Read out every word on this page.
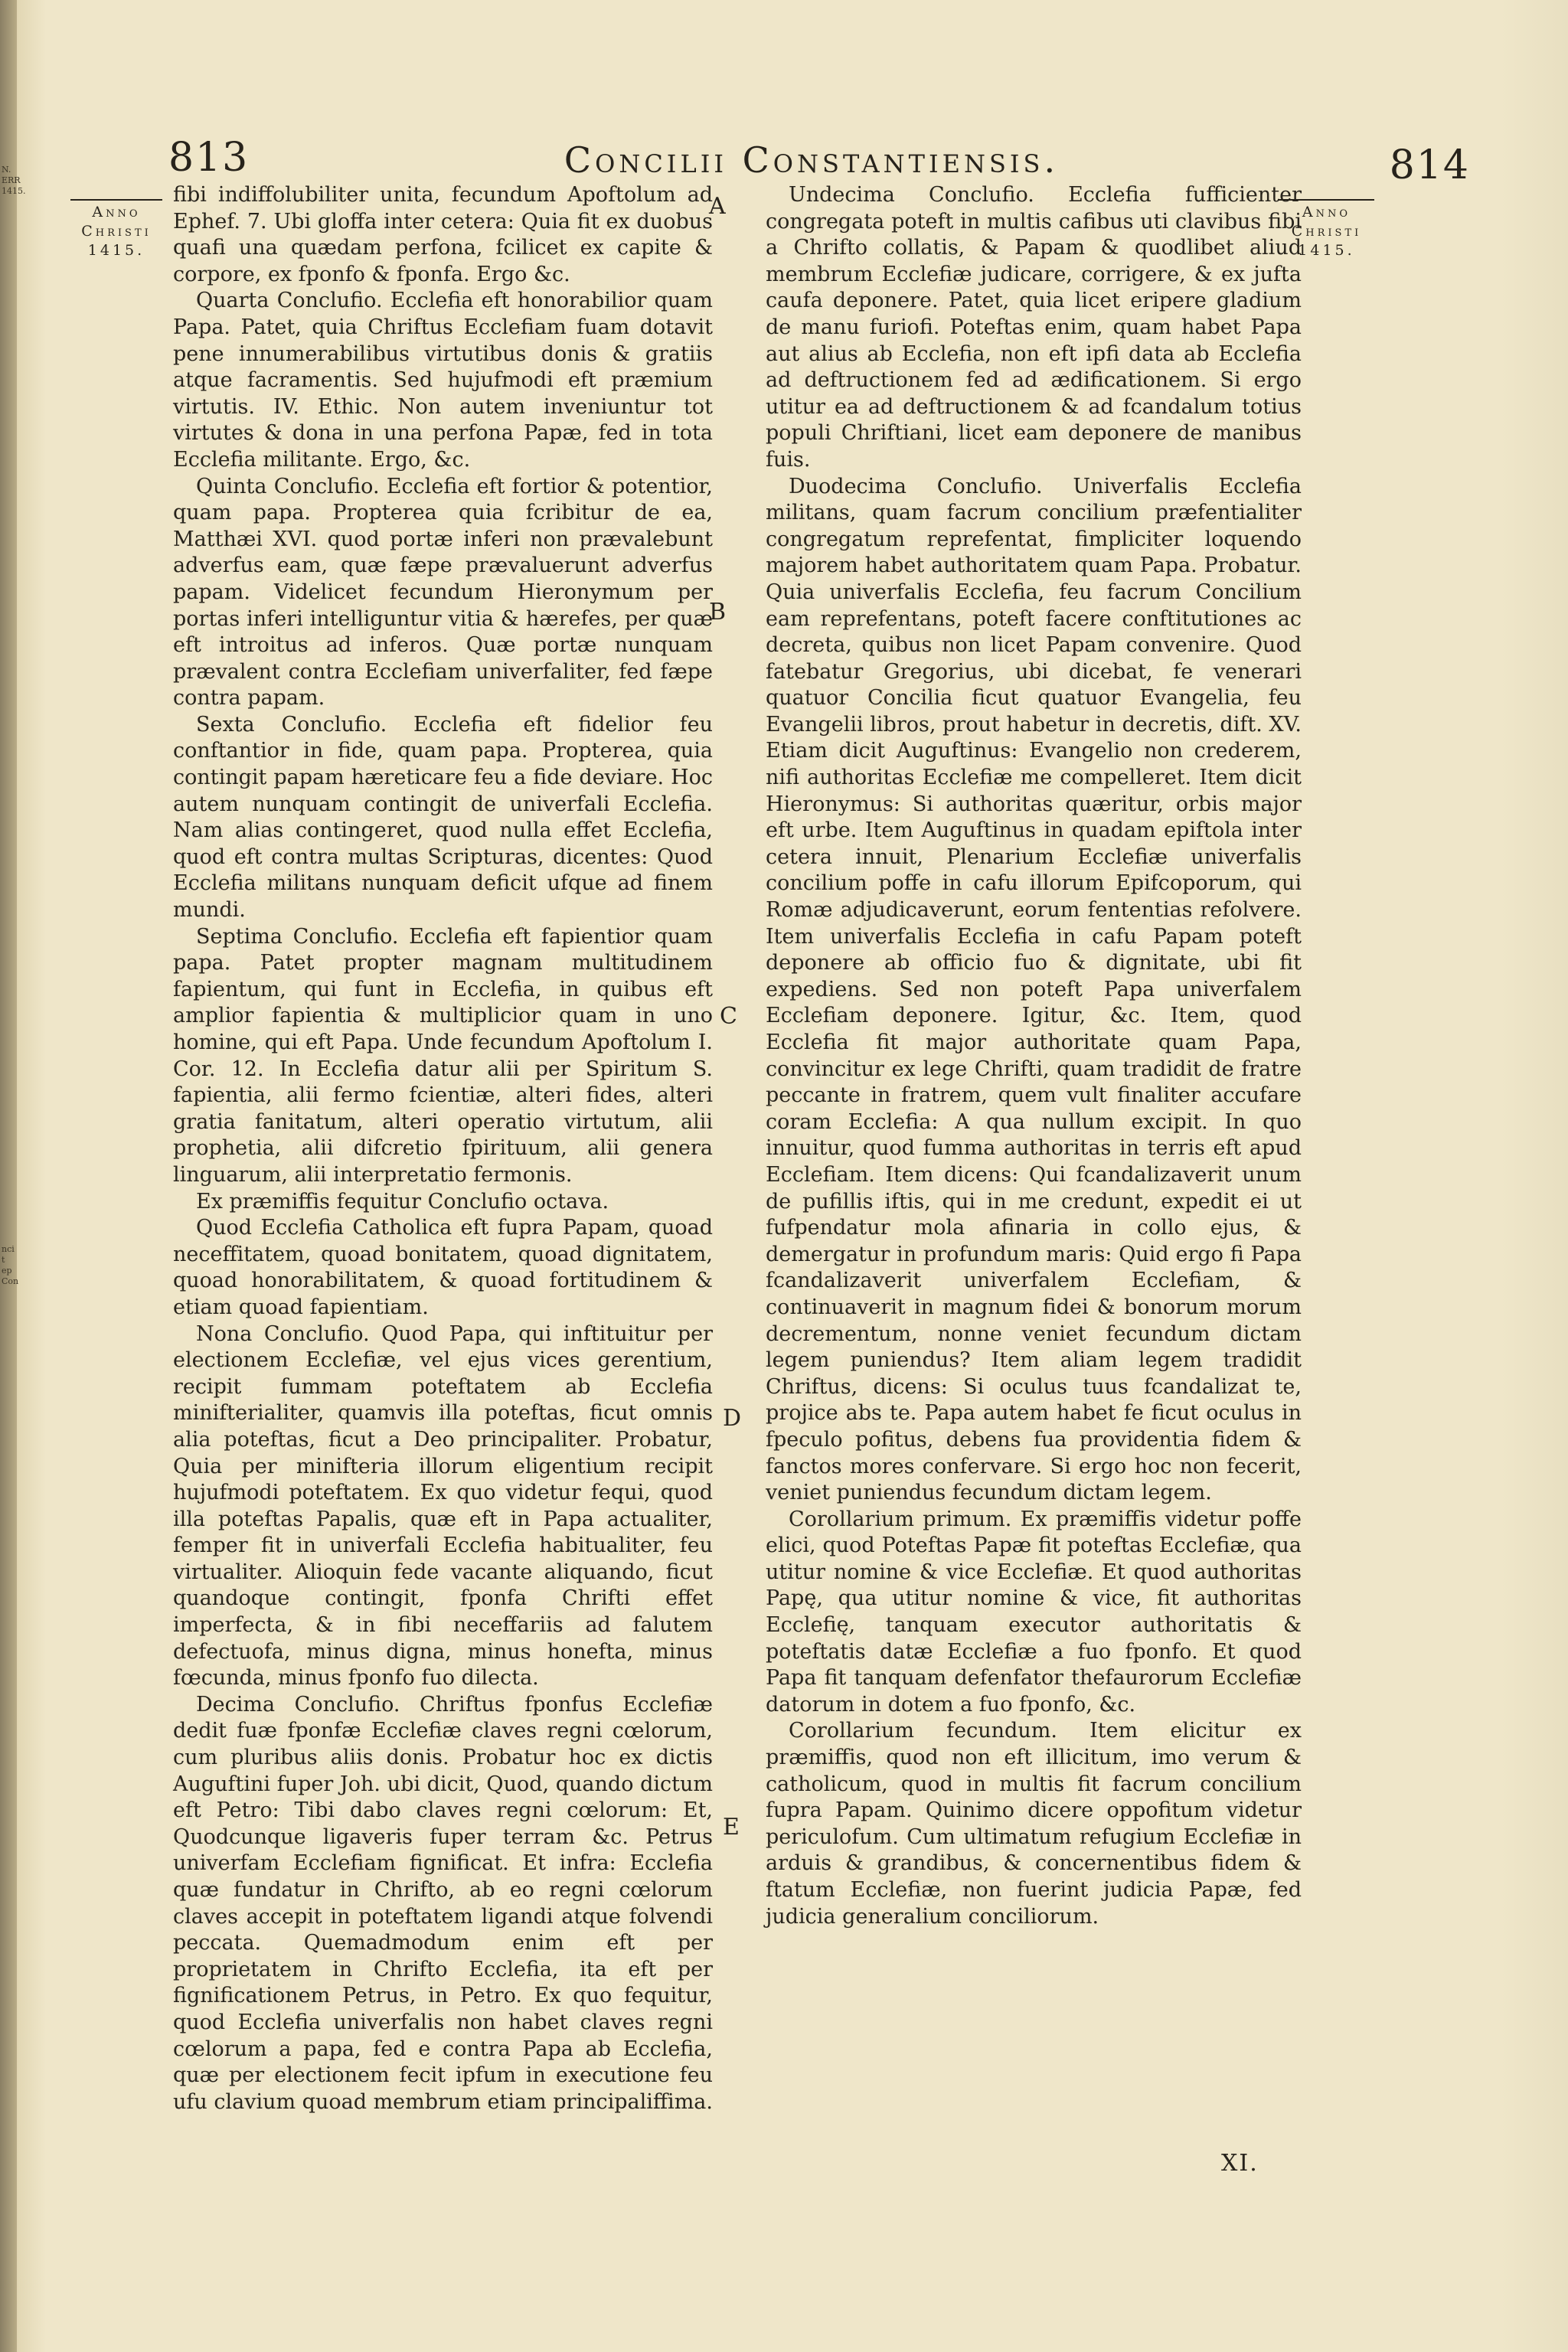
N.
ERR
1415.
nci
t ep
Con
813	Concilii Constantiensis.	814
Anno
Christi
1415.
Anno
Christi
1415.
A
B
C
D
E

fibi indiffolubiliter unita, fecundum Apoftolum ad Ephef. 7. Ubi gloffa inter cetera: Quia fit ex duobus quafi una quædam perfona, fcilicet ex capite & corpore, ex fponfo & fponfa. Ergo &c.

Quarta Conclufio. Ecclefia eft honorabilior quam Papa. Patet, quia Chriftus Ecclefiam fuam dotavit pene innumerabilibus virtutibus donis & gratiis atque facramentis. Sed hujufmodi eft præmium virtutis. IV. Ethic. Non autem inveniuntur tot virtutes & dona in una perfona Papæ, fed in tota Ecclefia militante. Ergo, &c.

Quinta Conclufio. Ecclefia eft fortior & potentior, quam papa. Propterea quia fcribitur de ea, Matthæi XVI. quod portæ inferi non prævalebunt adverfus eam, quæ fæpe prævaluerunt adverfus papam. Videlicet fecundum Hieronymum per portas inferi intelliguntur vitia & hærefes, per quæ eft introitus ad inferos. Quæ portæ nunquam prævalent contra Ecclefiam univerfaliter, fed fæpe contra papam.

Sexta Conclufio. Ecclefia eft fidelior feu conftantior in fide, quam papa. Propterea, quia contingit papam hæreticare feu a fide deviare. Hoc autem nunquam contingit de univerfali Ecclefia. Nam alias contingeret, quod nulla effet Ecclefia, quod eft contra multas Scripturas, dicentes: Quod Ecclefia militans nunquam deficit ufque ad finem mundi.

Septima Conclufio. Ecclefia eft fapientior quam papa. Patet propter magnam multitudinem fapientum, qui funt in Ecclefia, in quibus eft amplior fapientia & multiplicior quam in uno homine, qui eft Papa. Unde fecundum Apoftolum I. Cor. 12. In Ecclefia datur alii per Spiritum S. fapientia, alii fermo fcientiæ, alteri fides, alteri gratia fanitatum, alteri operatio virtutum, alii prophetia, alii difcretio fpirituum, alii genera linguarum, alii interpretatio fermonis.

Ex præmiffis fequitur Conclufio octava.

Quod Ecclefia Catholica eft fupra Papam, quoad neceffitatem, quoad bonitatem, quoad dignitatem, quoad honorabilitatem, & quoad fortitudinem & etiam quoad fapientiam.

Nona Conclufio. Quod Papa, qui inftituitur per electionem Ecclefiæ, vel ejus vices gerentium, recipit fummam poteftatem ab Ecclefia minifterialiter, quamvis illa poteftas, ficut omnis alia poteftas, ficut a Deo principaliter. Probatur, Quia per minifteria illorum eligentium recipit hujufmodi poteftatem. Ex quo videtur fequi, quod illa poteftas Papalis, quæ eft in Papa actualiter, femper fit in univerfali Ecclefia habitualiter, feu virtualiter. Alioquin fede vacante aliquando, ficut quandoque contingit, fponfa Chrifti effet imperfecta, & in fibi neceffariis ad falutem defectuofa, minus digna, minus honefta, minus fœcunda, minus fponfo fuo dilecta.

Decima Conclufio. Chriftus fponfus Ecclefiæ dedit fuæ fponfæ Ecclefiæ claves regni cœlorum, cum pluribus aliis donis. Probatur hoc ex dictis Auguftini fuper Joh. ubi dicit, Quod, quando dictum eft Petro: Tibi dabo claves regni cœlorum: Et, Quodcunque ligaveris fuper terram &c. Petrus univerfam Ecclefiam fignificat. Et infra: Ecclefia quæ fundatur in Chrifto, ab eo regni cœlorum claves accepit in poteftatem ligandi atque folvendi peccata. Quemadmodum enim eft per proprietatem in Chrifto Ecclefia, ita eft per fignificationem Petrus, in Petro. Ex quo fequitur, quod Ecclefia univerfalis non habet claves regni cœlorum a papa, fed e contra Papa ab Ecclefia, quæ per electionem fecit ipfum in executione feu ufu clavium quoad membrum etiam principaliffima.

Undecima Conclufio. Ecclefia fufficienter congregata poteft in multis cafibus uti clavibus fibi a Chrifto collatis, & Papam & quodlibet aliud membrum Ecclefiæ judicare, corrigere, & ex jufta caufa deponere. Patet, quia licet eripere gladium de manu furiofi. Poteftas enim, quam habet Papa aut alius ab Ecclefia, non eft ipfi data ab Ecclefia ad deftructionem fed ad ædificationem. Si ergo utitur ea ad deftructionem & ad fcandalum totius populi Chriftiani, licet eam deponere de manibus fuis.

Duodecima Conclufio. Univerfalis Ecclefia militans, quam facrum concilium præfentialiter congregatum reprefentat, fimpliciter loquendo majorem habet authoritatem quam Papa. Probatur. Quia univerfalis Ecclefia, feu facrum Concilium eam reprefentans, poteft facere conftitutiones ac decreta, quibus non licet Papam convenire. Quod fatebatur Gregorius, ubi dicebat, fe venerari quatuor Concilia ficut quatuor Evangelia, feu Evangelii libros, prout habetur in decretis, dift. XV. Etiam dicit Auguftinus: Evangelio non crederem, nifi authoritas Ecclefiæ me compelleret. Item dicit Hieronymus: Si authoritas quæritur, orbis major eft urbe. Item Auguftinus in quadam epiftola inter cetera innuit, Plenarium Ecclefiæ univerfalis concilium poffe in cafu illorum Epifcoporum, qui Romæ adjudicaverunt, eorum fententias refolvere. Item univerfalis Ecclefia in cafu Papam poteft deponere ab officio fuo & dignitate, ubi fit expediens. Sed non poteft Papa univerfalem Ecclefiam deponere. Igitur, &c. Item, quod Ecclefia fit major authoritate quam Papa, convincitur ex lege Chrifti, quam tradidit de fratre peccante in fratrem, quem vult finaliter accufare coram Ecclefia: A qua nullum excipit. In quo innuitur, quod fumma authoritas in terris eft apud Ecclefiam. Item dicens: Qui fcandalizaverit unum de pufillis iftis, qui in me credunt, expedit ei ut fufpendatur mola afinaria in collo ejus, & demergatur in profundum maris: Quid ergo fi Papa fcandalizaverit univerfalem Ecclefiam, & continuaverit in magnum fidei & bonorum morum decrementum, nonne veniet fecundum dictam legem puniendus? Item aliam legem tradidit Chriftus, dicens: Si oculus tuus fcandalizat te, projice abs te. Papa autem habet fe ficut oculus in fpeculo pofitus, debens fua providentia fidem & fanctos mores confervare. Si ergo hoc non fecerit, veniet puniendus fecundum dictam legem.

Corollarium primum. Ex præmiffis videtur poffe elici, quod Poteftas Papæ fit poteftas Ecclefiæ, qua utitur nomine & vice Ecclefiæ. Et quod authoritas Papę, qua utitur nomine & vice, fit authoritas Ecclefię, tanquam executor authoritatis & poteftatis datæ Ecclefiæ a fuo fponfo. Et quod Papa fit tanquam defenfator thefaurorum Ecclefiæ datorum in dotem a fuo fponfo, &c.

Corollarium fecundum. Item elicitur ex præmiffis, quod non eft illicitum, imo verum & catholicum, quod in multis fit facrum concilium fupra Papam. Quinimo dicere oppofitum videtur periculofum. Cum ultimatum refugium Ecclefiæ in arduis & grandibus, & concernentibus fidem & ftatum Ecclefiæ, non fuerint judicia Papæ, fed judicia generalium conciliorum.

XI.
